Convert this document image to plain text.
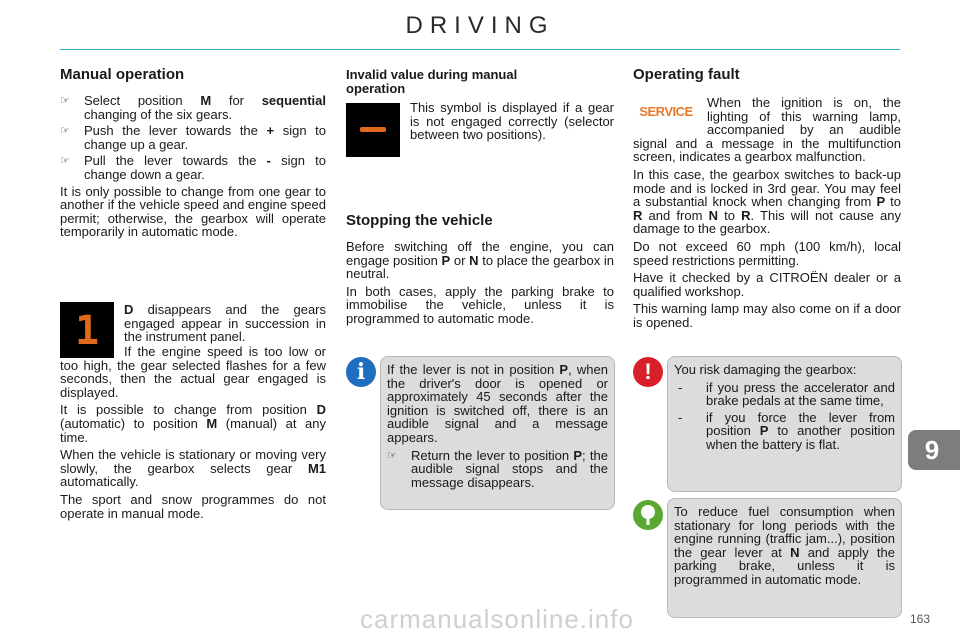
DRIVING
Manual operation
☞	Select position M for sequential changing of the six gears.
☞	Push the lever towards the + sign to change up a gear.
☞	Pull the lever towards the - sign to change down a gear.

It is only possible to change from one gear to another if the vehicle speed and engine speed permit; otherwise, the gearbox will operate temporarily in automatic mode.

1	D disappears and the gears engaged appear in succession in the instrument panel.

If the engine speed is too low or too high, the gear selected flashes for a few seconds, then the actual gear engaged is displayed.

It is possible to change from position D (automatic) to position M (manual) at any time.

When the vehicle is stationary or moving very slowly, the gearbox selects gear M1 automatically.

The sport and snow programmes do not operate in manual mode.

Invalid value during manual operation
This symbol is displayed if a gear is not engaged correctly (selector between two positions).
Stopping the vehicle

Before switching off the engine, you can engage position P or N to place the gearbox in neutral.

In both cases, apply the parking brake to immobilise the vehicle, unless it is programmed to automatic mode.

i	If the lever is not in position P, when the driver's door is opened or approximately 45 seconds after the ignition is switched off, there is an audible signal and a message appears.

☞	Return the lever to position P; the audible signal stops and the message disappears.
Operating fault
SERVICE

When the ignition is on, the lighting of this warning lamp, accompanied by an audible signal and a message in the multifunction screen, indicates a gearbox malfunction.

In this case, the gearbox switches to back-up mode and is locked in 3rd gear. You may feel a substantial knock when changing from P to R and from N to R. This will not cause any damage to the gearbox.

Do not exceed 60 mph (100 km/h), local speed restrictions permitting.

Have it checked by a CITROËN dealer or a qualified workshop.

This warning lamp may also come on if a door is opened.

!	You risk damaging the gearbox:

-	if you press the accelerator and brake pedals at the same time,
-	if you force the lever from position P to another position when the battery is flat.

To reduce fuel consumption when stationary for long periods with the engine running (traffic jam...), position the gear lever at N and apply the parking brake, unless it is programmed in automatic mode.

9
carmanualsonline.info	163
